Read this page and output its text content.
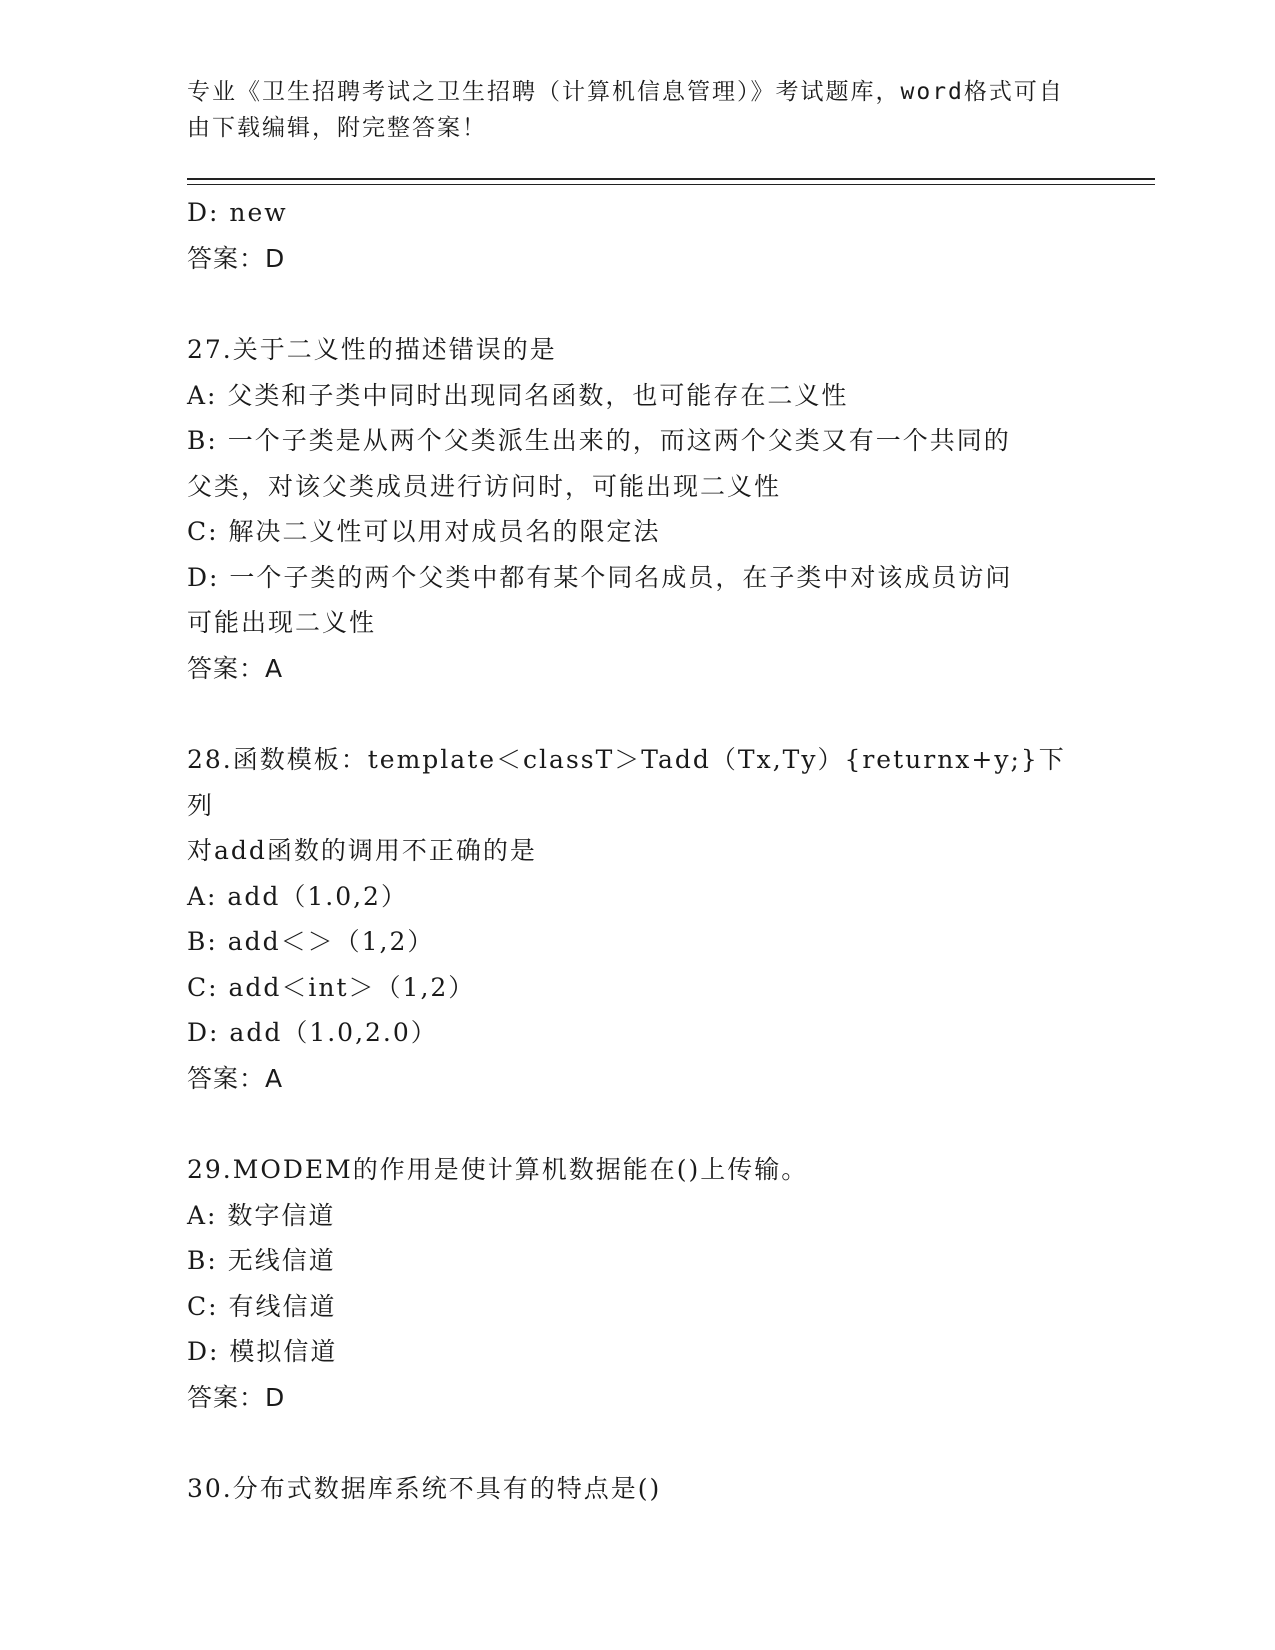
专业《卫生招聘考试之卫生招聘（计算机信息管理）》考试题库，word格式可自由下载编辑，附完整答案！
D: new
答案：D
27.关于二义性的描述错误的是
A: 父类和子类中同时出现同名函数，也可能存在二义性
B: 一个子类是从两个父类派生出来的，而这两个父类又有一个共同的
父类，对该父类成员进行访问时，可能出现二义性
C: 解决二义性可以用对成员名的限定法
D: 一个子类的两个父类中都有某个同名成员，在子类中对该成员访问
可能出现二义性
答案：A
28.函数模板：template＜classT＞Tadd（Tx,Ty）{returnx+y;}下列
对add函数的调用不正确的是
A: add（1.0,2）
B: add＜＞（1,2）
C: add＜int＞（1,2）
D: add（1.0,2.0）
答案：A
29.MODEM的作用是使计算机数据能在()上传输。
A: 数字信道
B: 无线信道
C: 有线信道
D: 模拟信道
答案：D
30.分布式数据库系统不具有的特点是()
